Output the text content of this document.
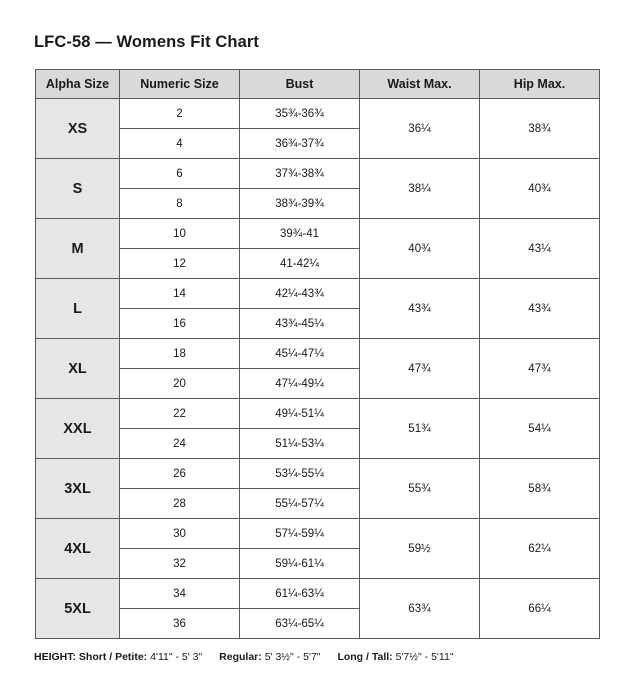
LFC-58 — Womens Fit Chart
Alpha Size	Numeric Size	Bust	Waist Max.	Hip Max.
XS	2	35¾-36¾	36¼	38¾
	4	36¾-37¾		
S	6	37¾-38¾	38¼	40¾
	8	38¾-39¾		
M	10	39¾-41	40¾	43¼
	12	41-42¼		
L	14	42¼-43¾	43¾	43¾
	16	43¾-45¼		
XL	18	45¼-47¼	47¾	47¾
	20	47¼-49¼		
XXL	22	49¼-51¼	51¾	54¼
	24	51¼-53¼		
3XL	26	53¼-55¼	55¾	58¾
	28	55¼-57¼		
4XL	30	57¼-59¼	59½	62¼
	32	59¼-61¼		
5XL	34	61¼-63¼	63¾	66¼
	36	63¼-65¼		
HEIGHT: Short / Petite: 4'11" - 5' 3" Regular: 5' 3½" - 5'7" Long / Tall: 5'7½" - 5'11"
